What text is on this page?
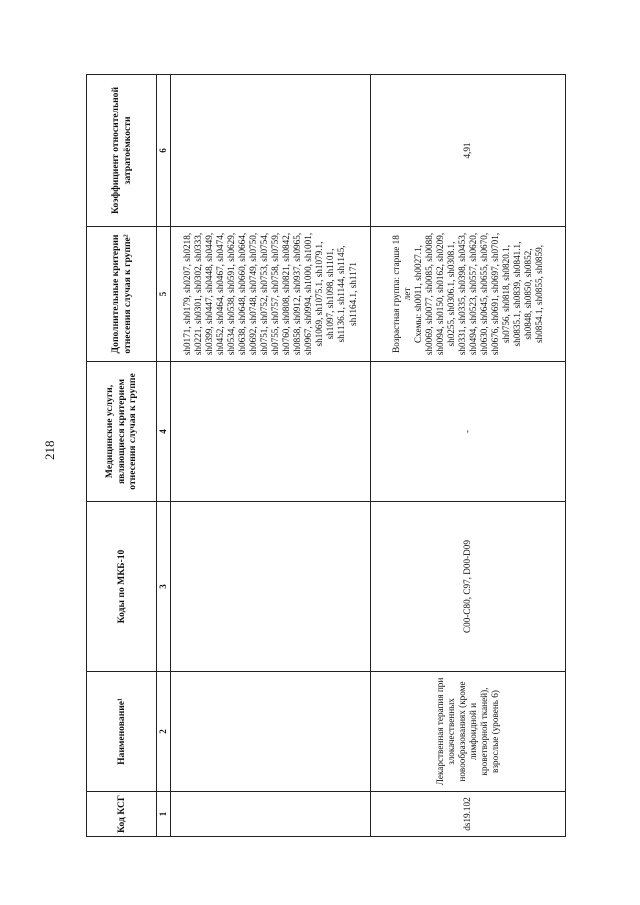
218
Код КСГ	Наименование¹	Коды по МКБ-10	Медицинские услуги, являющиеся критерием отнесения случая к группе	Дополнительные критерии отнесения случая к группе²	Коэффициент относительной затратоёмкости
1	2	3	4	5	6
				sh0171, sh0179, sh0207, sh0218, sh0221, sh0301, sh0302, sh0333, sh0399, sh0447, sh0448, sh0449, sh0452, sh0464, sh0467, sh0474, sh0534, sh0538, sh0591, sh0629, sh0638, sh0648, sh0660, sh0664, sh0692, sh0748, sh0749, sh0750, sh0751, sh0752, sh0753, sh0754, sh0755, sh0757, sh0758, sh0759, sh0760, sh0808, sh0821, sh0842, sh0858, sh0912, sh0937, sh0965, sh0967, sh0994, sh1000, sh1001, sh1069, sh1075.1, sh1079.1, sh1097, sh1098, sh1101, sh1136.1, sh1144, sh1145, sh1164.1, sh1171	
ds19.102	Лекарственная терапия при злокачественных новообразованиях (кроме лимфоидной и кроветворной тканей), взрослые (уровень 6)	C00-C80, C97, D00-D09	-	Возрастная группа: старше 18 лет Схемы: sh0011, sh0027.1, sh0069, sh0077, sh0085, sh0088, sh0094, sh0150, sh0162, sh0209, sh0255, sh0306.1, sh0308.1, sh0331, sh0335, sh0398, sh0453, sh0494, sh0523, sh0557, sh0620, sh0630, sh0645, sh0655, sh0670, sh0676, sh0691, sh0697, sh0701, sh0756, sh0818, sh0820.1, sh0835.1, sh0839, sh0841.1, sh0848, sh0850, sh0852, sh0854.1, sh0855, sh0859,	4,91
